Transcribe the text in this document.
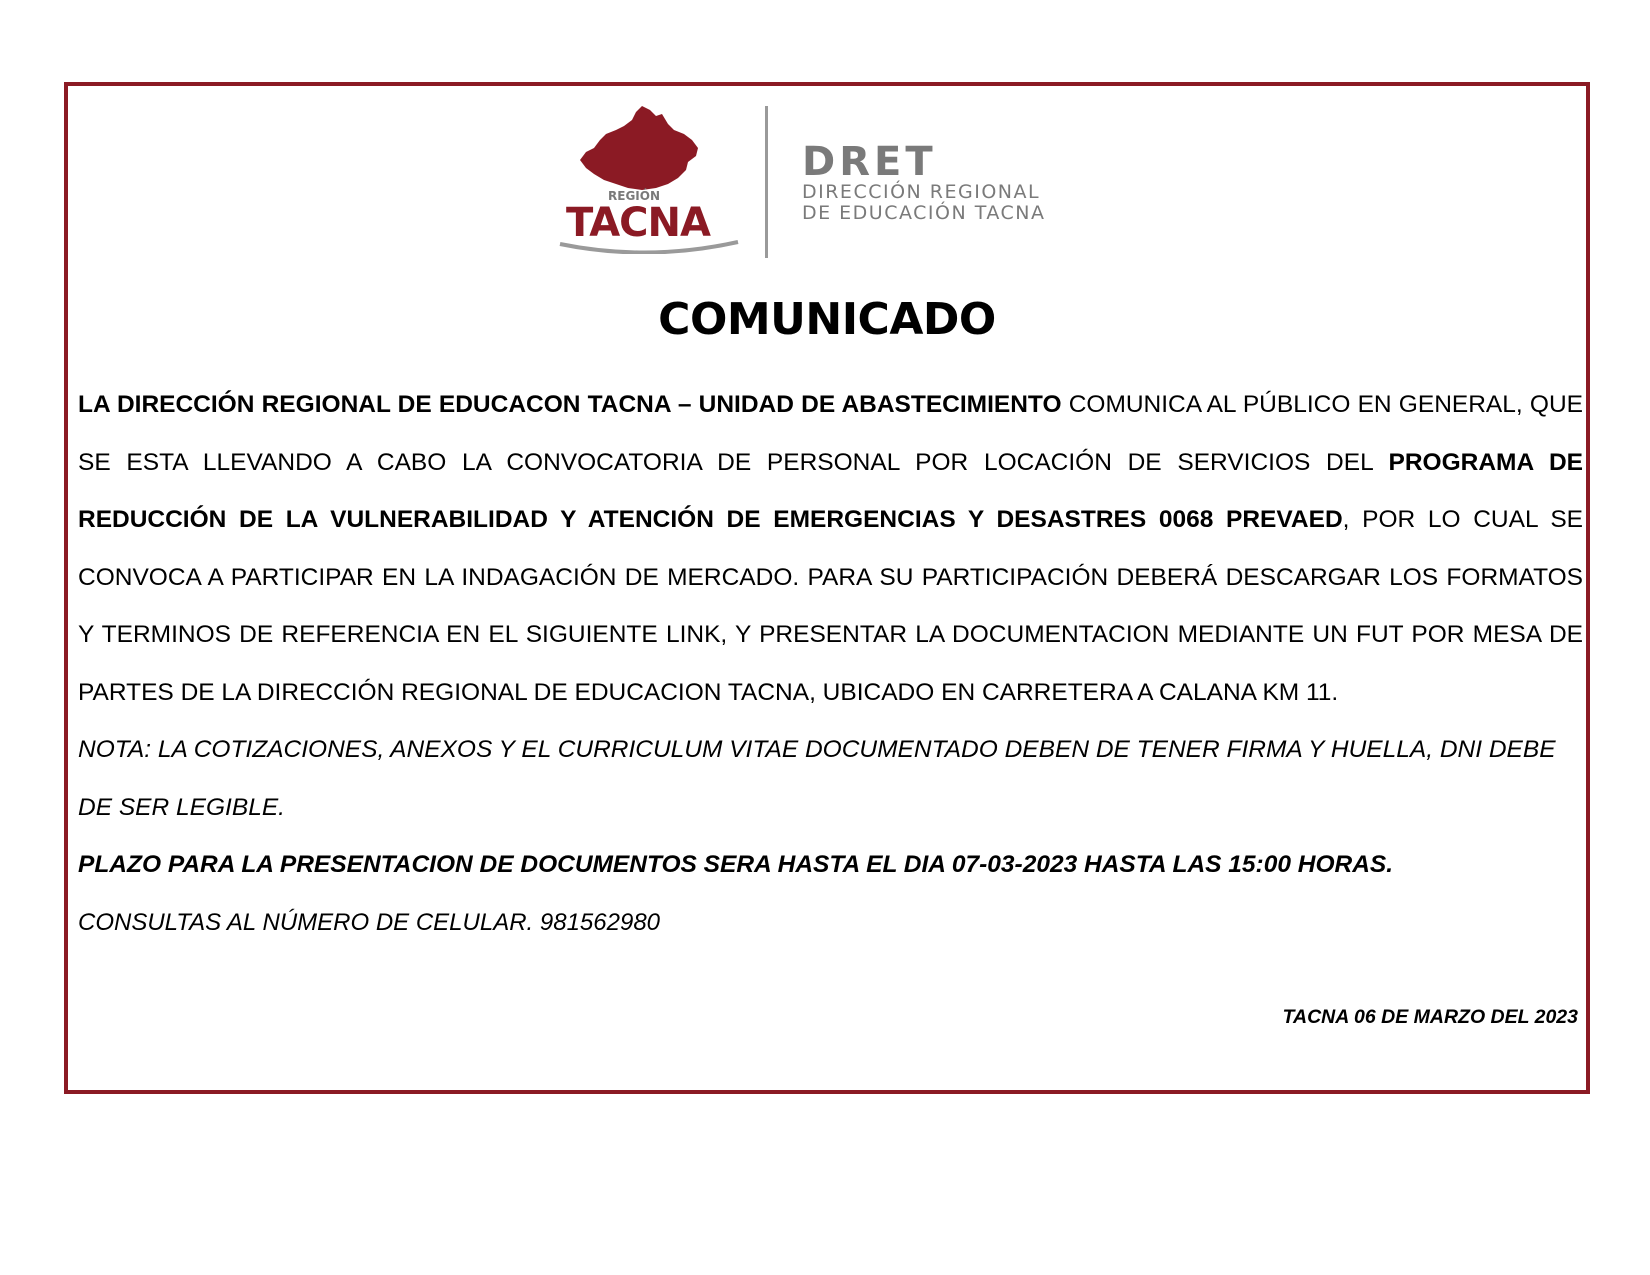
REGIÓN
TACNA
DRET
DIRECCIÓN REGIONAL
DE EDUCACIÓN TACNA
COMUNICADO

LA DIRECCIÓN REGIONAL DE EDUCACON TACNA – UNIDAD DE ABASTECIMIENTO COMUNICA AL PÚBLICO EN GENERAL, QUE SE ESTA LLEVANDO A CABO LA CONVOCATORIA DE PERSONAL POR LOCACIÓN DE SERVICIOS DEL PROGRAMA DE REDUCCIÓN DE LA VULNERABILIDAD Y ATENCIÓN DE EMERGENCIAS Y DESASTRES 0068 PREVAED, POR LO CUAL SE CONVOCA A PARTICIPAR EN LA INDAGACIÓN DE MERCADO. PARA SU PARTICIPACIÓN DEBERÁ DESCARGAR LOS FORMATOS Y TERMINOS DE REFERENCIA EN EL SIGUIENTE LINK, Y PRESENTAR LA DOCUMENTACION MEDIANTE UN FUT POR MESA DE PARTES DE LA DIRECCIÓN REGIONAL DE EDUCACION TACNA, UBICADO EN CARRETERA A CALANA KM 11.

NOTA: LA COTIZACIONES, ANEXOS Y EL CURRICULUM VITAE DOCUMENTADO DEBEN DE TENER FIRMA Y HUELLA, DNI DEBE DE SER LEGIBLE.

PLAZO PARA LA PRESENTACION DE DOCUMENTOS SERA HASTA EL DIA 07-03-2023 HASTA LAS 15:00 HORAS.

CONSULTAS AL NÚMERO DE CELULAR. 981562980

TACNA 06 DE MARZO DEL 2023
